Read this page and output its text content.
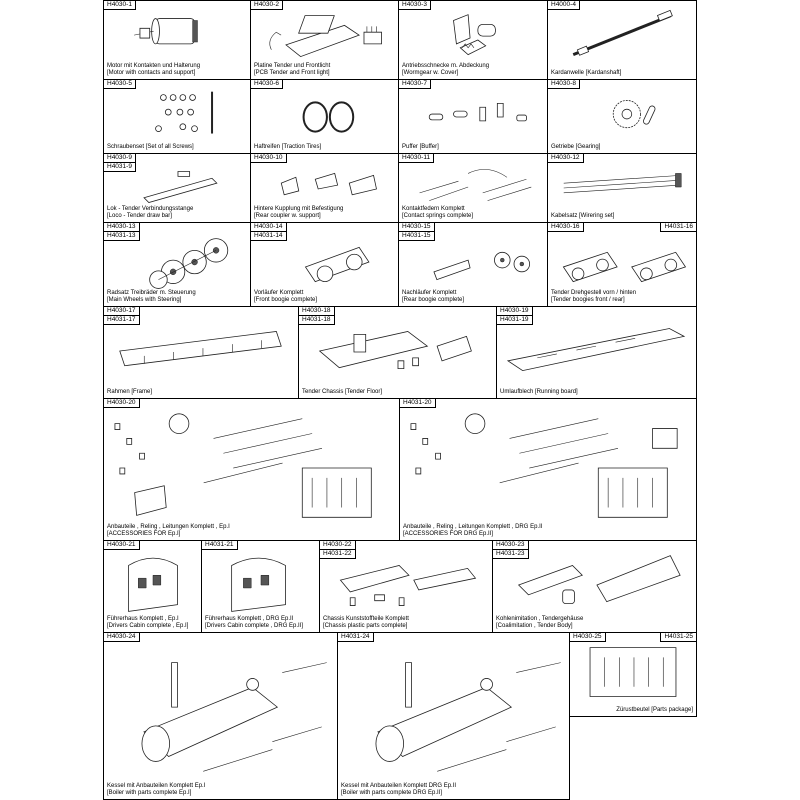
H4030-1
Motor mit Kontakten und Halterung
[Motor with contacts and support]
H4030-2
Platine Tender und Frontlicht
[PCB Tender and Front light]
H4030-3
Antriebsschnecke m. Abdeckung
[Wormgear w. Cover]
H4000-4
Kardanwelle [Kardanshaft]
H4030-5
Schraubenset [Set of all Screws]
H4030-6
Haftreifen [Traction Tires]
H4030-7
Puffer [Buffer]
H4030-8
Getriebe [Gearing]
H4030-9
H4031-9
Lok - Tender Verbindungsstange
[Loco - Tender draw bar]
H4030-10
Hintere Kupplung mit Befestigung
[Rear coupler w. support]
H4030-11
Kontaktfedern Komplett
[Contact springs complete]
H4030-12
Kabelsatz [Wirering set]
H4030-13
H4031-13
Radsatz Treibräder m. Steuerung
[Main Wheels with Steering]
H4030-14
H4031-14
Vorläufer Komplett
[Front boogie complete]
H4030-15
H4031-15
Nachläufer Komplett
[Rear boogie complete]
H4030-16	H4031-16
Tender Drehgestell vorn / hinten
[Tender boogies front / rear]
H4030-17
H4031-17
Rahmen [Frame]
H4030-18
H4031-18
Tender Chassis [Tender Floor]
H4030-19
H4031-19
Umlaufblech [Running board]
H4030-20
Anbauteile , Reling , Leitungen Komplett , Ep.I
[ACCESSORIES FOR Ep.I]
H4031-20
Anbauteile , Reling , Leitungen Komplett , DRG Ep.II
[ACCESSORIES FOR DRG Ep.II]
H4030-21
Führerhaus Komplett , Ep.I
[Drivers Cabin complete , Ep.I]
H4031-21
Führerhaus Komplett , DRG Ep.II
[Drivers Cabin complete , DRG Ep.II]
H4030-22
H4031-22
Chassis Kunststoffteile Komplett
[Chassis plastic parts complete]
H4030-23
H4031-23
Kohlenimitation , Tendergehäuse
[Coalimitation , Tender Body]
H4030-24
Kessel mit Anbauteilen Komplett Ep.I
[Boiler with parts complete Ep.I]
H4031-24
Kessel mit Anbauteilen Komplett DRG Ep.II
[Boiler with parts complete DRG Ep.II]
H4030-25	H4031-25
Zürustbeutel [Parts package]
